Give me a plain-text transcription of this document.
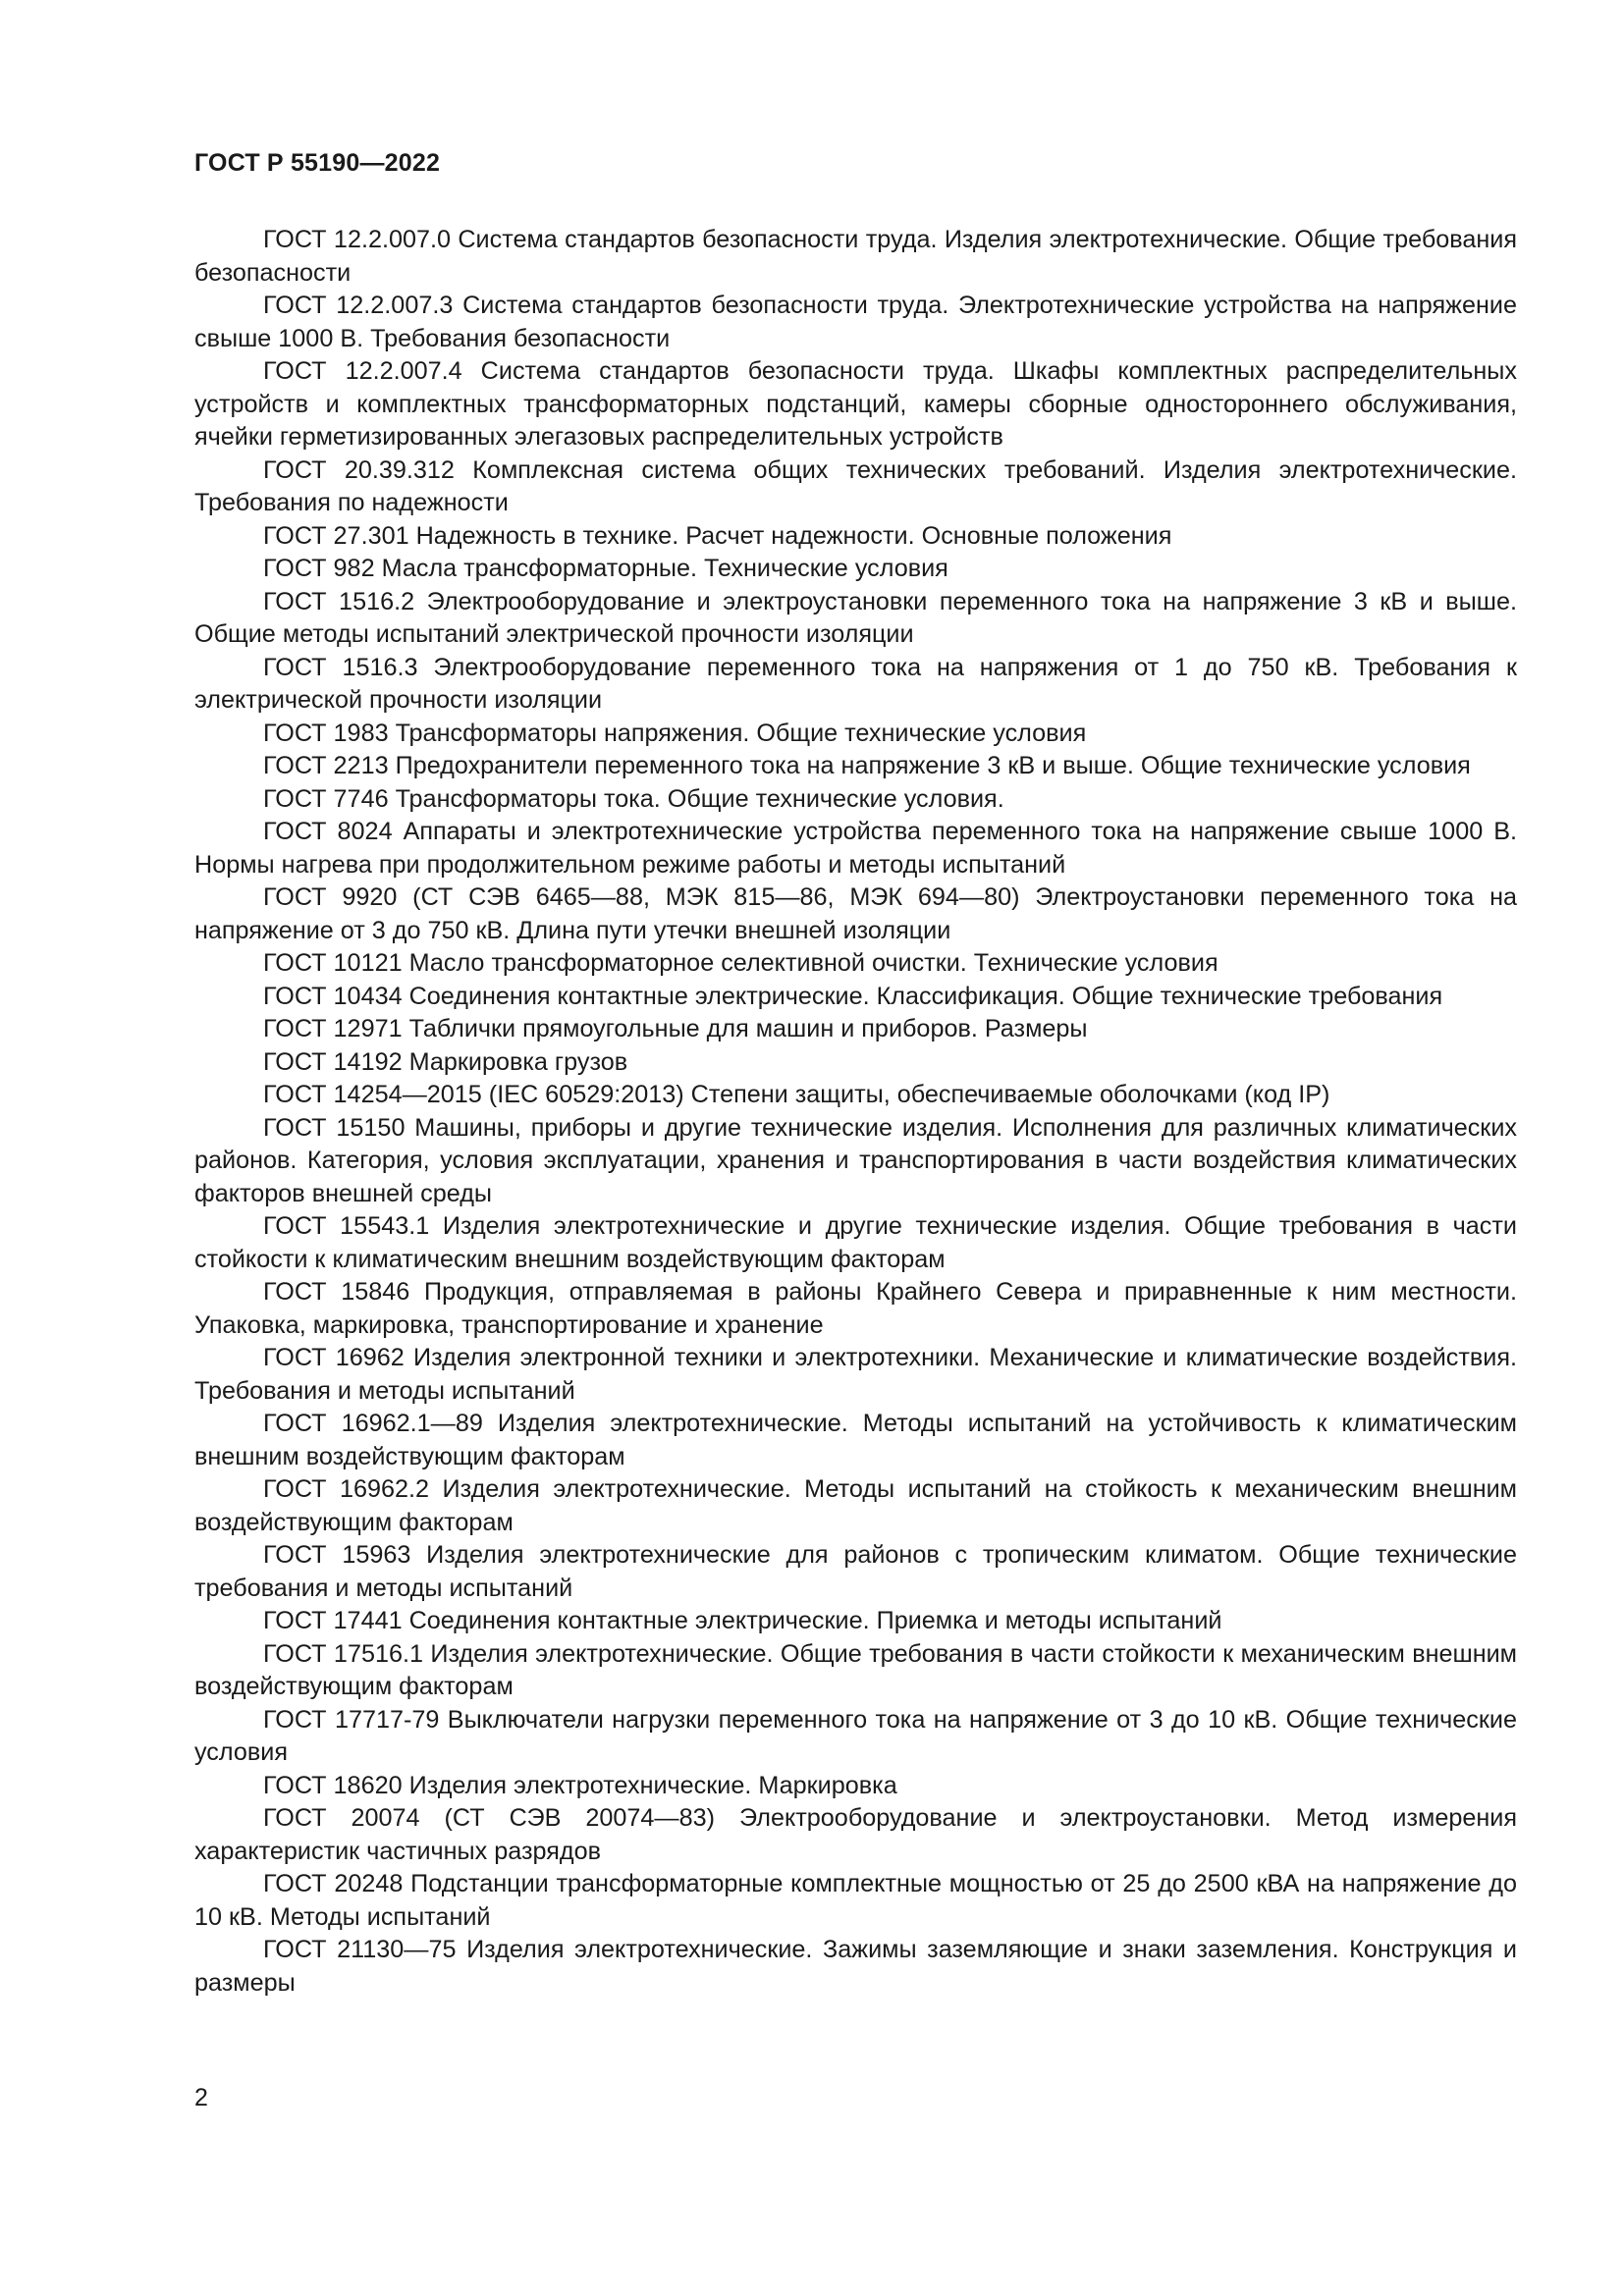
ГОСТ Р 55190—2022
ГОСТ 12.2.007.0 Система стандартов безопасности труда. Изделия электротехнические. Общие требования безопасности
ГОСТ 12.2.007.3 Система стандартов безопасности труда. Электротехнические устройства на напряжение свыше 1000 В. Требования безопасности
ГОСТ 12.2.007.4 Система стандартов безопасности труда. Шкафы комплектных распределительных устройств и комплектных трансформаторных подстанций, камеры сборные одностороннего обслуживания, ячейки герметизированных элегазовых распределительных устройств
ГОСТ 20.39.312 Комплексная система общих технических требований. Изделия электротехнические. Требования по надежности
ГОСТ 27.301 Надежность в технике. Расчет надежности. Основные положения
ГОСТ 982 Масла трансформаторные. Технические условия
ГОСТ 1516.2 Электрооборудование и электроустановки переменного тока на напряжение 3 кВ и выше. Общие методы испытаний электрической прочности изоляции
ГОСТ 1516.3 Электрооборудование переменного тока на напряжения от 1 до 750 кВ. Требования к электрической прочности изоляции
ГОСТ 1983 Трансформаторы напряжения. Общие технические условия
ГОСТ 2213 Предохранители переменного тока на напряжение 3 кВ и выше. Общие технические условия
ГОСТ 7746 Трансформаторы тока. Общие технические условия.
ГОСТ 8024 Аппараты и электротехнические устройства переменного тока на напряжение свыше 1000 В. Нормы нагрева при продолжительном режиме работы и методы испытаний
ГОСТ 9920 (СТ СЭВ 6465—88, МЭК 815—86, МЭК 694—80) Электроустановки переменного тока на напряжение от 3 до 750 кВ. Длина пути утечки внешней изоляции
ГОСТ 10121 Масло трансформаторное селективной очистки. Технические условия
ГОСТ 10434 Соединения контактные электрические. Классификация. Общие технические требования
ГОСТ 12971 Таблички прямоугольные для машин и приборов. Размеры
ГОСТ 14192 Маркировка грузов
ГОСТ 14254—2015 (IEC 60529:2013) Степени защиты, обеспечиваемые оболочками (код IP)
ГОСТ 15150 Машины, приборы и другие технические изделия. Исполнения для различных климатических районов. Категория, условия эксплуатации, хранения и транспортирования в части воздействия климатических факторов внешней среды
ГОСТ 15543.1 Изделия электротехнические и другие технические изделия. Общие требования в части стойкости к климатическим внешним воздействующим факторам
ГОСТ 15846 Продукция, отправляемая в районы Крайнего Севера и приравненные к ним местности. Упаковка, маркировка, транспортирование и хранение
ГОСТ 16962 Изделия электронной техники и электротехники. Механические и климатические воздействия. Требования и методы испытаний
ГОСТ 16962.1—89 Изделия электротехнические. Методы испытаний на устойчивость к климатическим внешним воздействующим факторам
ГОСТ 16962.2 Изделия электротехнические. Методы испытаний на стойкость к механическим внешним воздействующим факторам
ГОСТ 15963 Изделия электротехнические для районов с тропическим климатом. Общие технические требования и методы испытаний
ГОСТ 17441 Соединения контактные электрические. Приемка и методы испытаний
ГОСТ 17516.1 Изделия электротехнические. Общие требования в части стойкости к механическим внешним воздействующим факторам
ГОСТ 17717-79 Выключатели нагрузки переменного тока на напряжение от 3 до 10 кВ. Общие технические условия
ГОСТ 18620 Изделия электротехнические. Маркировка
ГОСТ 20074 (СТ СЭВ 20074—83) Электрооборудование и электроустановки. Метод измерения характеристик частичных разрядов
ГОСТ 20248 Подстанции трансформаторные комплектные мощностью от 25 до 2500 кВА на напряжение до 10 кВ. Методы испытаний
ГОСТ 21130—75 Изделия электротехнические. Зажимы заземляющие и знаки заземления. Конструкция и размеры
2
